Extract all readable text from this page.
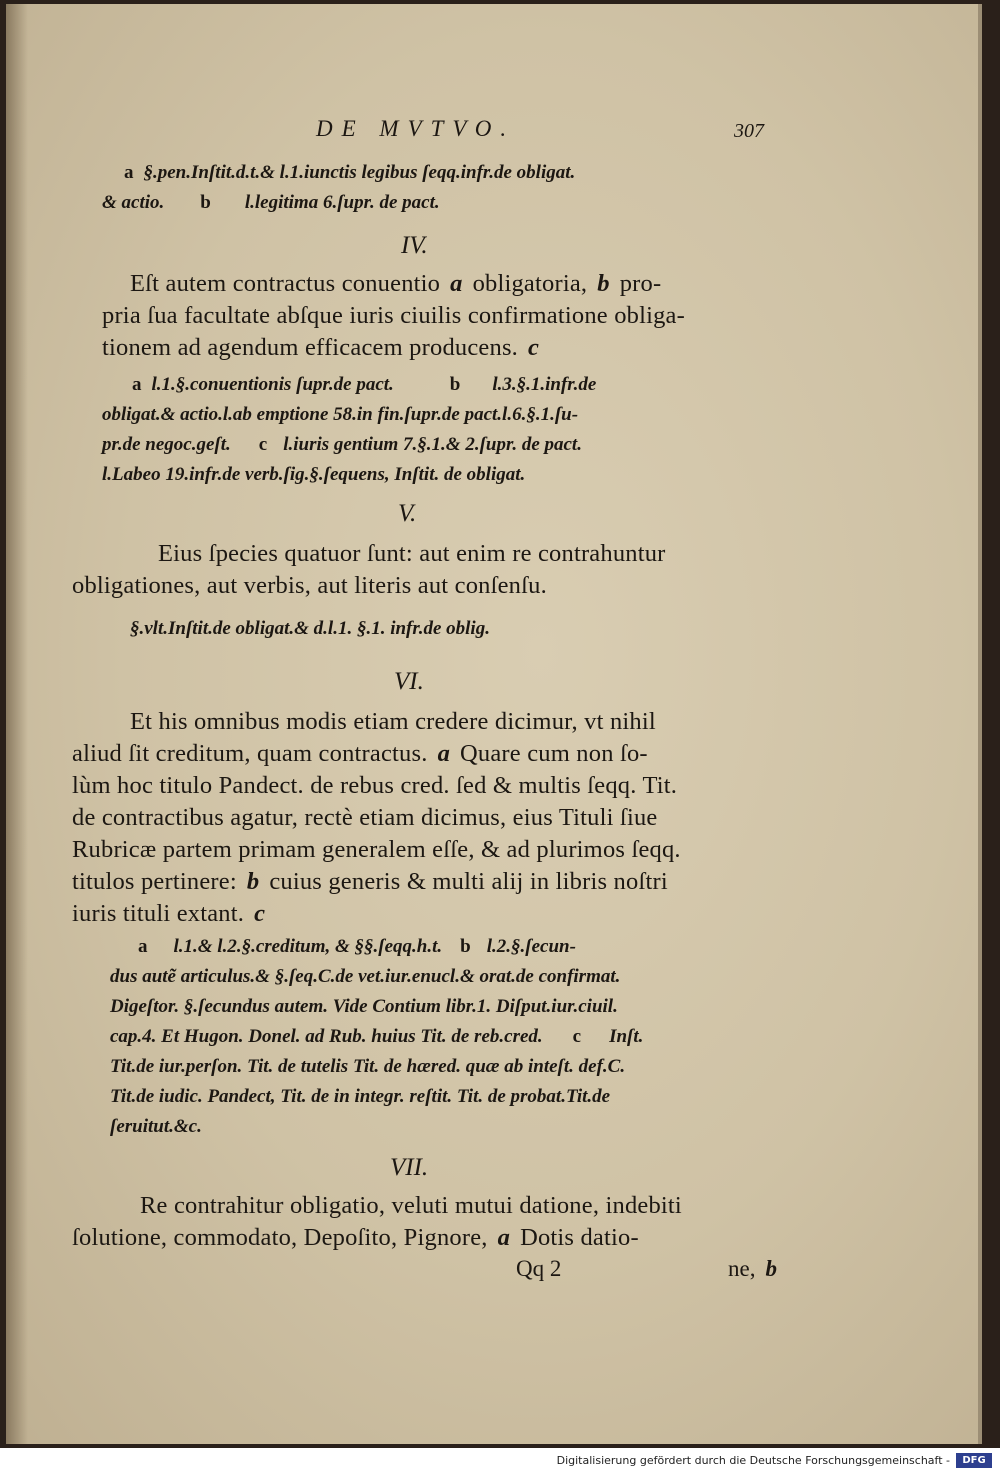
DE MVTVO.	307
a §.pen.Inſtit.d.t.& l.1.iunctis legibus ſeqq.infr.de obligat.
& actio. b l.legitima 6.ſupr. de pact.
IV.
Eſt autem contractus conuentio a obligatoria, b pro-
pria ſua facultate abſque iuris ciuilis confirmatione obliga-
tionem ad agendum efficacem producens. c
a l.1.§.conuentionis ſupr.de pact.	b l.3.§.1.infr.de
obligat.& actio.l.ab emptione 58.in fin.ſupr.de pact.l.6.§.1.ſu-
pr.de negoc.geſt. c l.iuris gentium 7.§.1.& 2.ſupr. de pact.
l.Labeo 19.infr.de verb.ſig.§.ſequens, Inſtit. de obligat.
V.
Eius ſpecies quatuor ſunt: aut enim re contrahuntur
obligationes, aut verbis, aut literis aut conſenſu.
§.vlt.Inſtit.de obligat.& d.l.1. §.1. infr.de oblig.
VI.
Et his omnibus modis etiam credere dicimur, vt nihil
aliud ſit creditum, quam contractus. a Quare cum non ſo-
lùm hoc titulo Pandect. de rebus cred. ſed & multis ſeqq. Tit.
de contractibus agatur, rectè etiam dicimus, eius Tituli ſiue
Rubricæ partem primam generalem eſſe, & ad plurimos ſeqq.
titulos pertinere: b cuius generis & multi alij in libris noſtri
iuris tituli extant. c
a l.1.& l.2.§.creditum, & §§.ſeqq.h.t. b l.2.§.ſecun-
dus autẽ articulus.& §.ſeq.C.de vet.iur.enucl.& orat.de confirmat.
Digeſtor. §.ſecundus autem. Vide Contium libr.1. Diſput.iur.ciuil.
cap.4. Et Hugon. Donel. ad Rub. huius Tit. de reb.cred. c Inſt.
Tit.de iur.perſon. Tit. de tutelis Tit. de hæred. quæ ab inteſt. def.C.
Tit.de iudic. Pandect, Tit. de in integr. reſtit. Tit. de probat.Tit.de
ſeruitut.&c.
VII.
Re contrahitur obligatio, veluti mutui datione, indebiti
ſolutione, commodato, Depoſito, Pignore, a Dotis datio-
Qq 2	ne, b
Digitalisierung gefördert durch die Deutsche Forschungsgemeinschaft -	DFG
